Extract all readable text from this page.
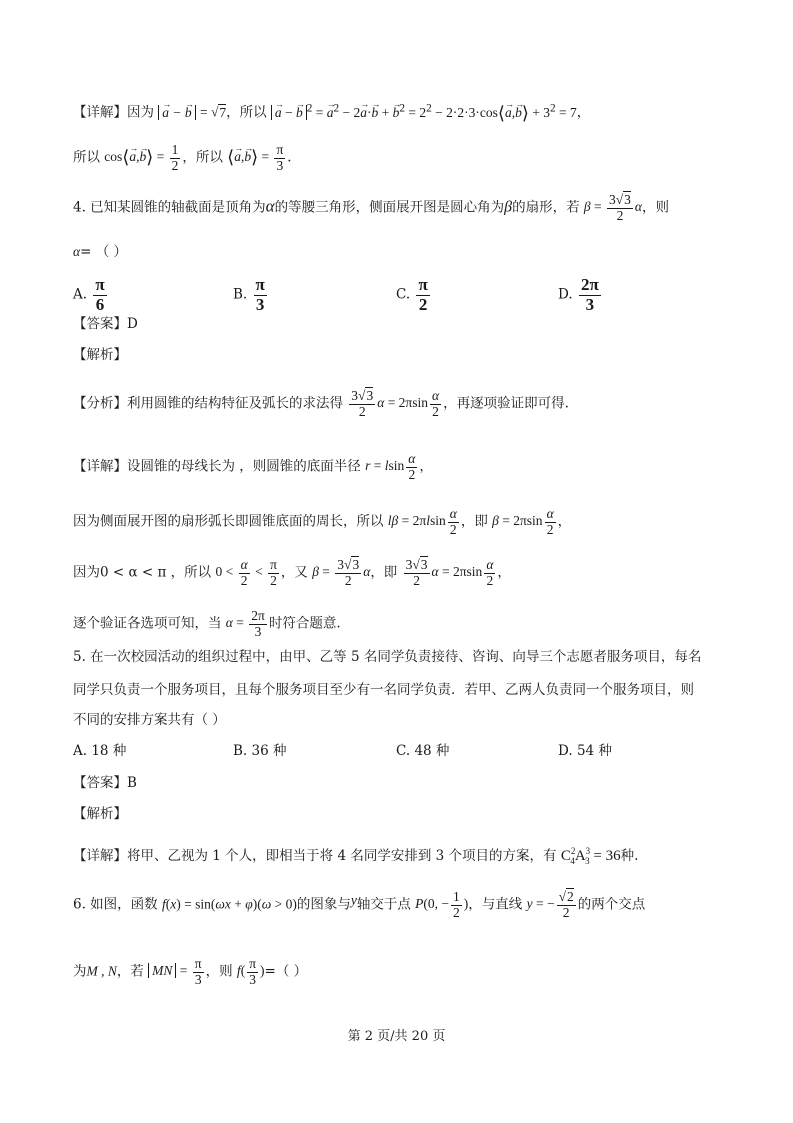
【详解】因为 → a − → b = √7，所以 → a − → b $^2$ = → $a^2 - 2\to a\cdot\to b$ + → $b^2 = 2^2$ − 2·2·3·cos⟨→ a,→ b⟩ + $3^2 = 7$，
所以 cos⟨→ a,→ b⟩ = $\frac{1}{2}$ ，所以 ⟨→ a,→ b⟩ = $\frac{\pi}{3}$ .
4. 已知某圆锥的轴截面是顶角为α的等腰三角形，侧面展开图是圆心角为β的扇形，若 $\beta = \frac{3√3}{2}$ α，则
α= （ ）
A. $\frac{\pi}{6}$	B. $\frac{\pi}{3}$	C. $\frac{\pi}{2}$	D. $\frac{2\pi}{3}$
【答案】D
【解析】
【分析】利用圆锥的结构特征及弧长的求法得 $\frac{3√3}{2}$ $\alpha = 2\pi\sin \frac{\alpha}{2}$ ，再逐项验证即可得.
【详解】设圆锥的母线长为 ，则圆锥的底面半径 r = lsin $\frac{\alpha}{2}$ ，
因为侧面展开图的扇形弧长即圆锥底面的周长，所以 $l\beta = 2\pi lsin \frac{\alpha}{2}$ ，即 $\beta = 2\pi\sin \frac{\alpha}{2}$ ，
因为0 < α < π ，所以 $0 < \frac{\alpha}{2} < \frac{\pi}{2}$ ，又 $\beta = \frac{3√3}{2}$ α，即 $\frac{3√3}{2}$ $\alpha = 2\pi\sin \frac{\alpha}{2}$ ，
逐个验证各选项可知，当 $\alpha = \frac{2\pi}{3}$ 时符合题意.
5. 在一次校园活动的组织过程中，由甲、乙等 5 名同学负责接待、咨询、向导三个志愿者服务项目，每名
同学只负责一个服务项目，且每个服务项目至少有一名同学负责．若甲、乙两人负责同一个服务项目，则
不同的安排方案共有（ ）
A. 18 种	B. 36 种	C. 48 种	D. 54 种
【答案】B
【解析】
【详解】将甲、乙视为 1 个人，即相当于将 4 名同学安排到 3 个项目的方案，有 $C^2_4A^3_3 = 36$种.
6. 如图，函数 f(x) = sin(ωx + φ)(ω > 0)的图象与y轴交于点 P(0, − $\frac{1}{2}$ )，与直线 y = − $\frac{√2}{2}$ 的两个交点
为M , N，若 MN = $\frac{\pi}{3}$ ，则 $f( \frac{\pi}{3}$ )=（ ）
第 2 页/共 20 页
